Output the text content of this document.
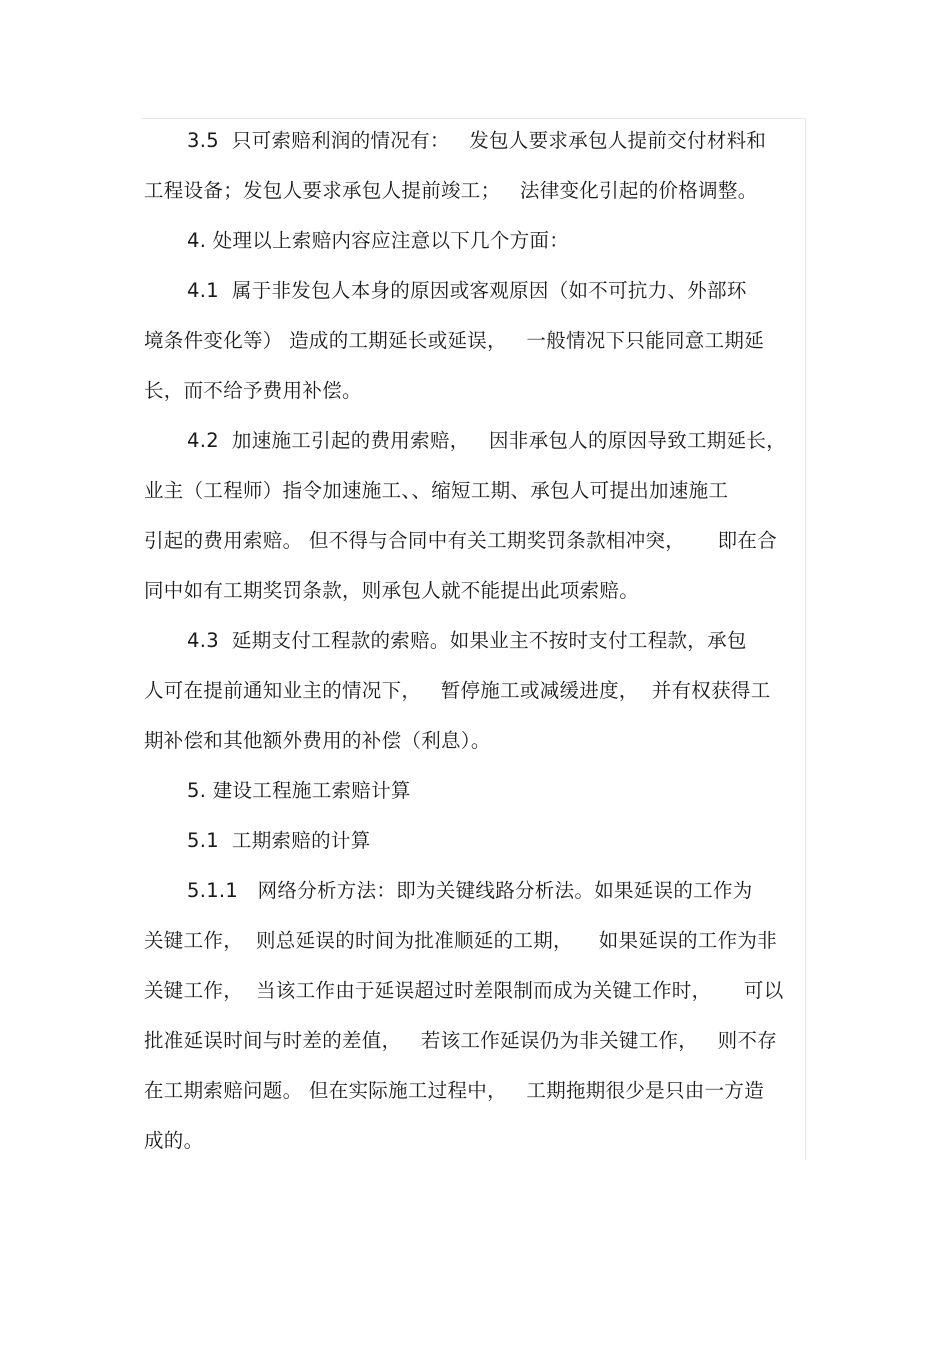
3.5  只可索赔利润的情况有：   发包人要求承包人提前交付材料和
工程设备；发包人要求承包人提前竣工；   法律变化引起的价格调整。
4. 处理以上索赔内容应注意以下几个方面：
4.1  属于非发包人本身的原因或客观原因（如不可抗力、外部环
境条件变化等） 造成的工期延长或延误，   一般情况下只能同意工期延
长，而不给予费用补偿。
4.2  加速施工引起的费用索赔，   因非承包人的原因导致工期延长，
业主（工程师）指令加速施工、、缩短工期、承包人可提出加速施工
引起的费用索赔。 但不得与合同中有关工期奖罚条款相冲突，     即在合
同中如有工期奖罚条款，则承包人就不能提出此项索赔。
4.3  延期支付工程款的索赔。如果业主不按时支付工程款，承包
人可在提前通知业主的情况下，   暂停施工或减缓进度，  并有权获得工
期补偿和其他额外费用的补偿（利息）。
5. 建设工程施工索赔计算
5.1  工期索赔的计算
5.1.1   网络分析方法：即为关键线路分析法。如果延误的工作为
关键工作，  则总延误的时间为批准顺延的工期，    如果延误的工作为非
关键工作，  当该工作由于延误超过时差限制而成为关键工作时，     可以
批准延误时间与时差的差值，   若该工作延误仍为非关键工作，   则不存
在工期索赔问题。 但在实际施工过程中，   工期拖期很少是只由一方造
成的。
